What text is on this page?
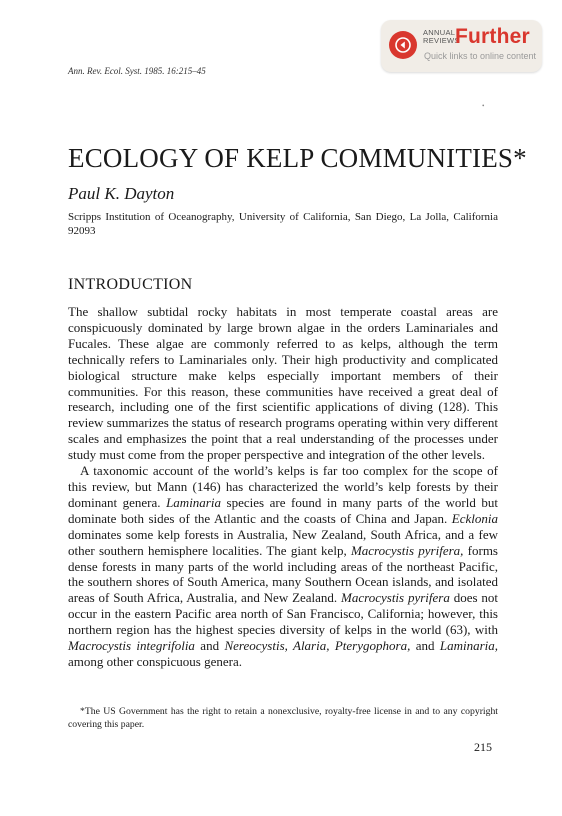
ANNUAL
REVIEWS
Further
Quick links to online content
Ann. Rev. Ecol. Syst. 1985. 16:215–45
•
ECOLOGY OF KELP COMMUNITIES*
Paul K. Dayton
Scripps Institution of Oceanography, University of California, San Diego, La Jolla, California 92093
INTRODUCTION

The shallow subtidal rocky habitats in most temperate coastal areas are conspicuously dominated by large brown algae in the orders Laminariales and Fucales. These algae are commonly referred to as kelps, although the term technically refers to Laminariales only. Their high productivity and complicated biological structure make kelps especially important members of their communities. For this reason, these communities have received a great deal of research, including one of the first scientific applications of diving (128). This review summarizes the status of research programs operating within very different scales and emphasizes the point that a real understanding of the processes under study must come from the proper perspective and integration of the other levels.

A taxonomic account of the world’s kelps is far too complex for the scope of this review, but Mann (146) has characterized the world’s kelp forests by their dominant genera. Laminaria species are found in many parts of the world but dominate both sides of the Atlantic and the coasts of China and Japan. Ecklonia dominates some kelp forests in Australia, New Zealand, South Africa, and a few other southern hemisphere localities. The giant kelp, Macrocystis pyrifera, forms dense forests in many parts of the world including areas of the northeast Pacific, the southern shores of South America, many Southern Ocean islands, and isolated areas of South Africa, Australia, and New Zealand. Macrocystis pyrifera does not occur in the eastern Pacific area north of San Francisco, California; however, this northern region has the highest species diversity of kelps in the world (63), with Macrocystis integrifolia and Nereocystis, Alaria, Pterygophora, and Laminaria, among other conspicuous genera.

*The US Government has the right to retain a nonexclusive, royalty-free license in and to any copyright covering this paper.
215
